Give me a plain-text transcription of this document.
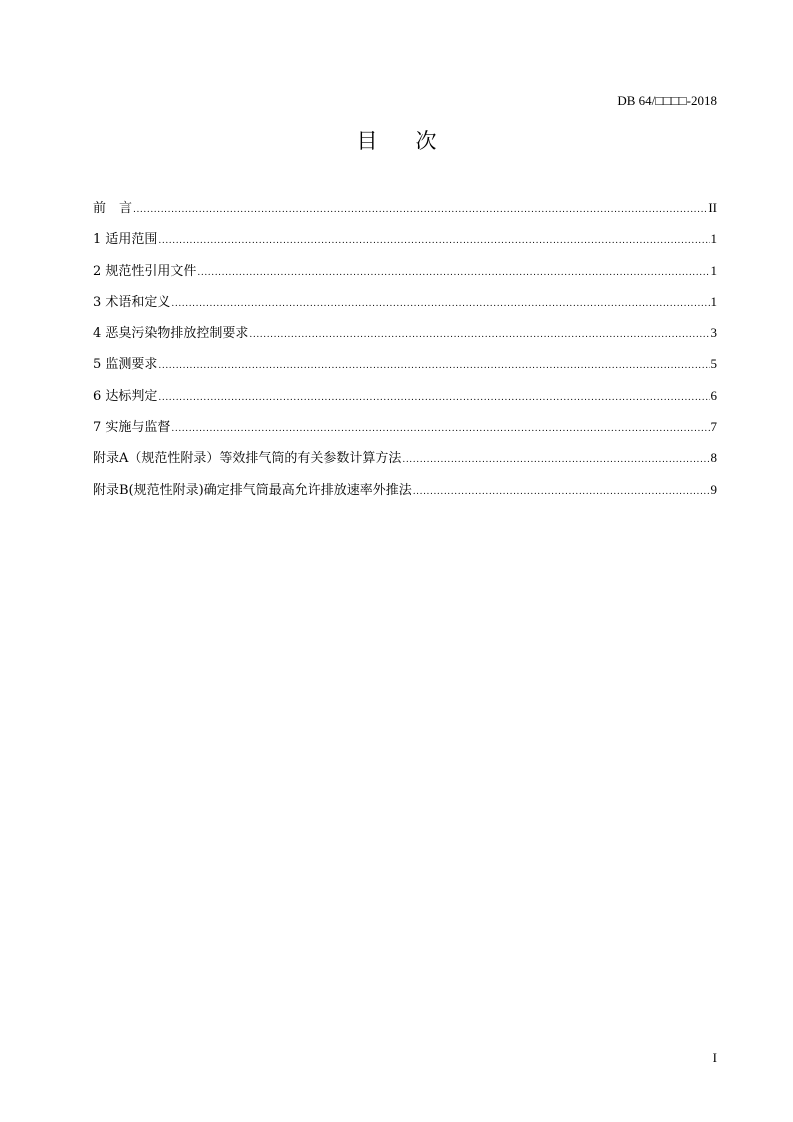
DB 64/□□□□-2018
目 次
前　言 .....	II
1 适用范围 .....	1
2 规范性引用文件 .....	1
3 术语和定义 .....	1
4 恶臭污染物排放控制要求 .....	3
5 监测要求 .....	5
6 达标判定 .....	6
7 实施与监督 .....	7
附录A（规范性附录）等效排气筒的有关参数计算方法 .....	8
附录B(规范性附录)确定排气筒最高允许排放速率外推法 .....	9
I
